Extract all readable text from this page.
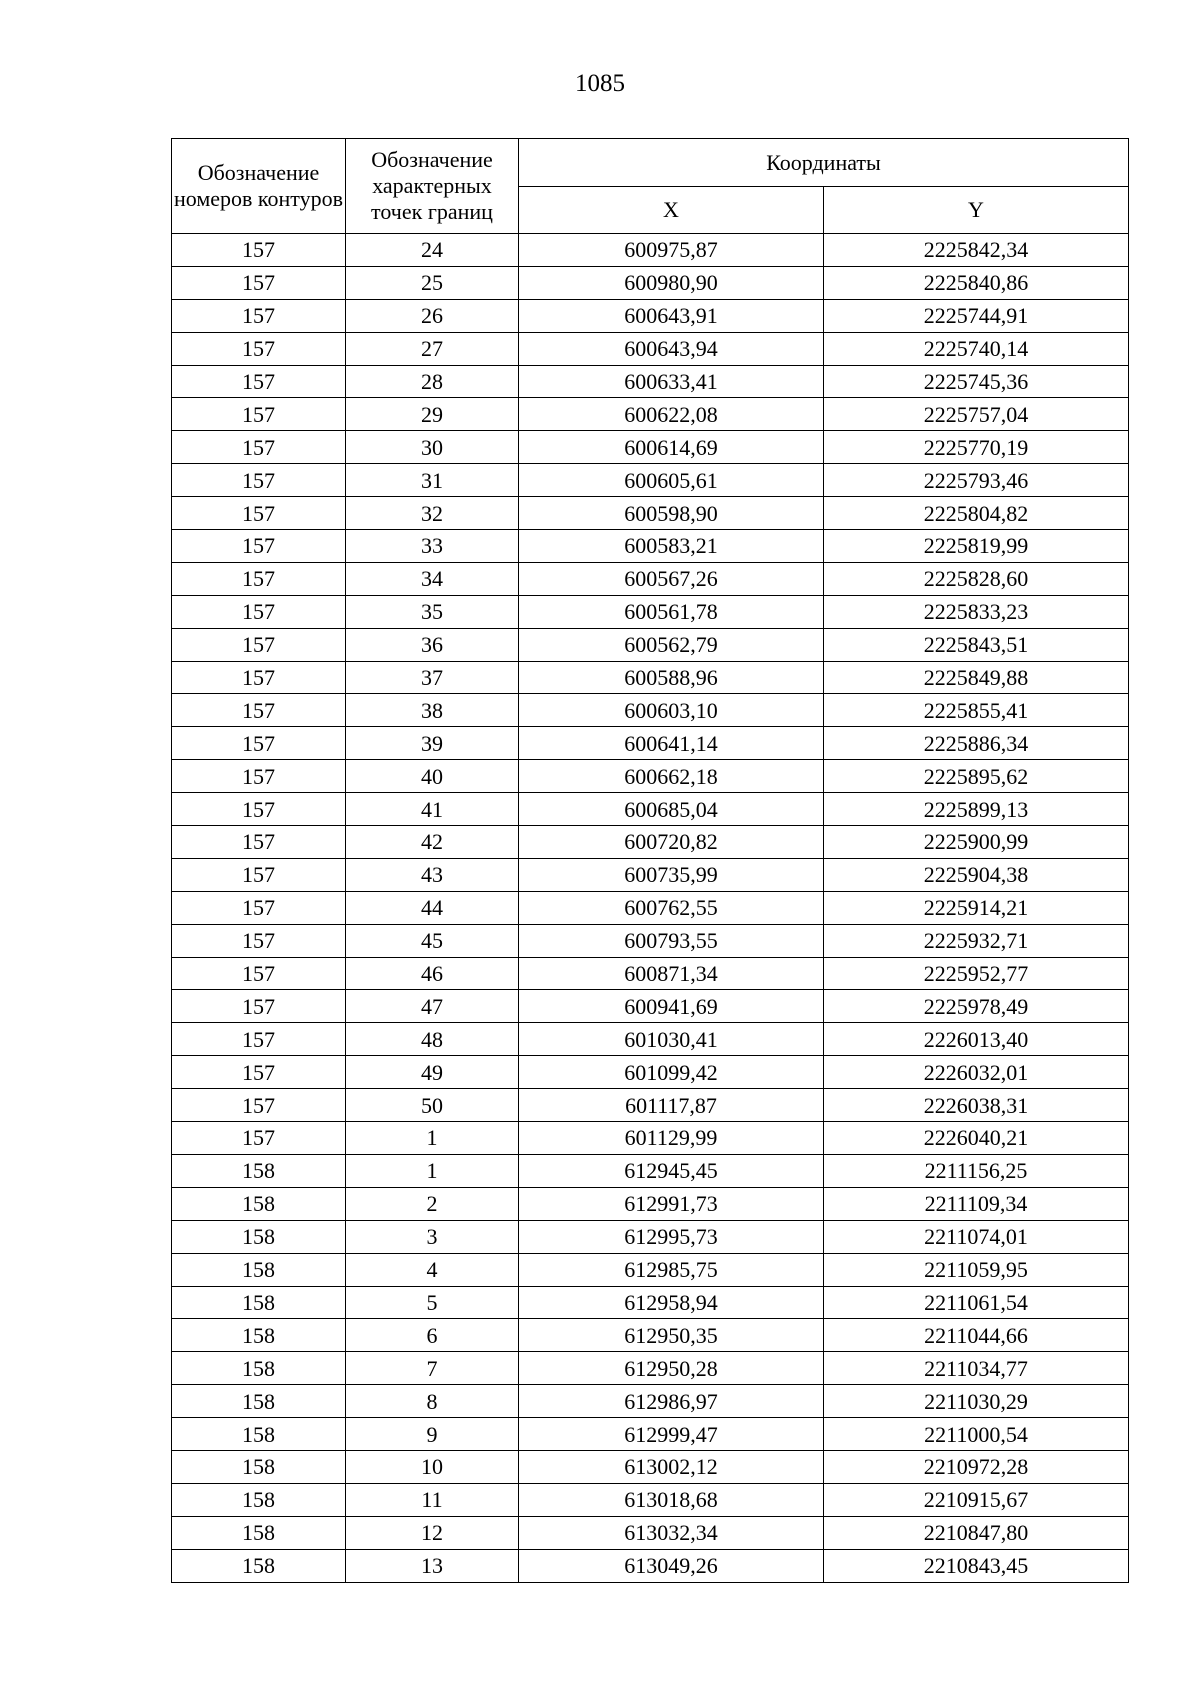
1085
Обозначение номеров контуров	Обозначение характерных точек границ	Координаты	
		X	Y
157	24	600975,87	2225842,34
157	25	600980,90	2225840,86
157	26	600643,91	2225744,91
157	27	600643,94	2225740,14
157	28	600633,41	2225745,36
157	29	600622,08	2225757,04
157	30	600614,69	2225770,19
157	31	600605,61	2225793,46
157	32	600598,90	2225804,82
157	33	600583,21	2225819,99
157	34	600567,26	2225828,60
157	35	600561,78	2225833,23
157	36	600562,79	2225843,51
157	37	600588,96	2225849,88
157	38	600603,10	2225855,41
157	39	600641,14	2225886,34
157	40	600662,18	2225895,62
157	41	600685,04	2225899,13
157	42	600720,82	2225900,99
157	43	600735,99	2225904,38
157	44	600762,55	2225914,21
157	45	600793,55	2225932,71
157	46	600871,34	2225952,77
157	47	600941,69	2225978,49
157	48	601030,41	2226013,40
157	49	601099,42	2226032,01
157	50	601117,87	2226038,31
157	1	601129,99	2226040,21
158	1	612945,45	2211156,25
158	2	612991,73	2211109,34
158	3	612995,73	2211074,01
158	4	612985,75	2211059,95
158	5	612958,94	2211061,54
158	6	612950,35	2211044,66
158	7	612950,28	2211034,77
158	8	612986,97	2211030,29
158	9	612999,47	2211000,54
158	10	613002,12	2210972,28
158	11	613018,68	2210915,67
158	12	613032,34	2210847,80
158	13	613049,26	2210843,45
